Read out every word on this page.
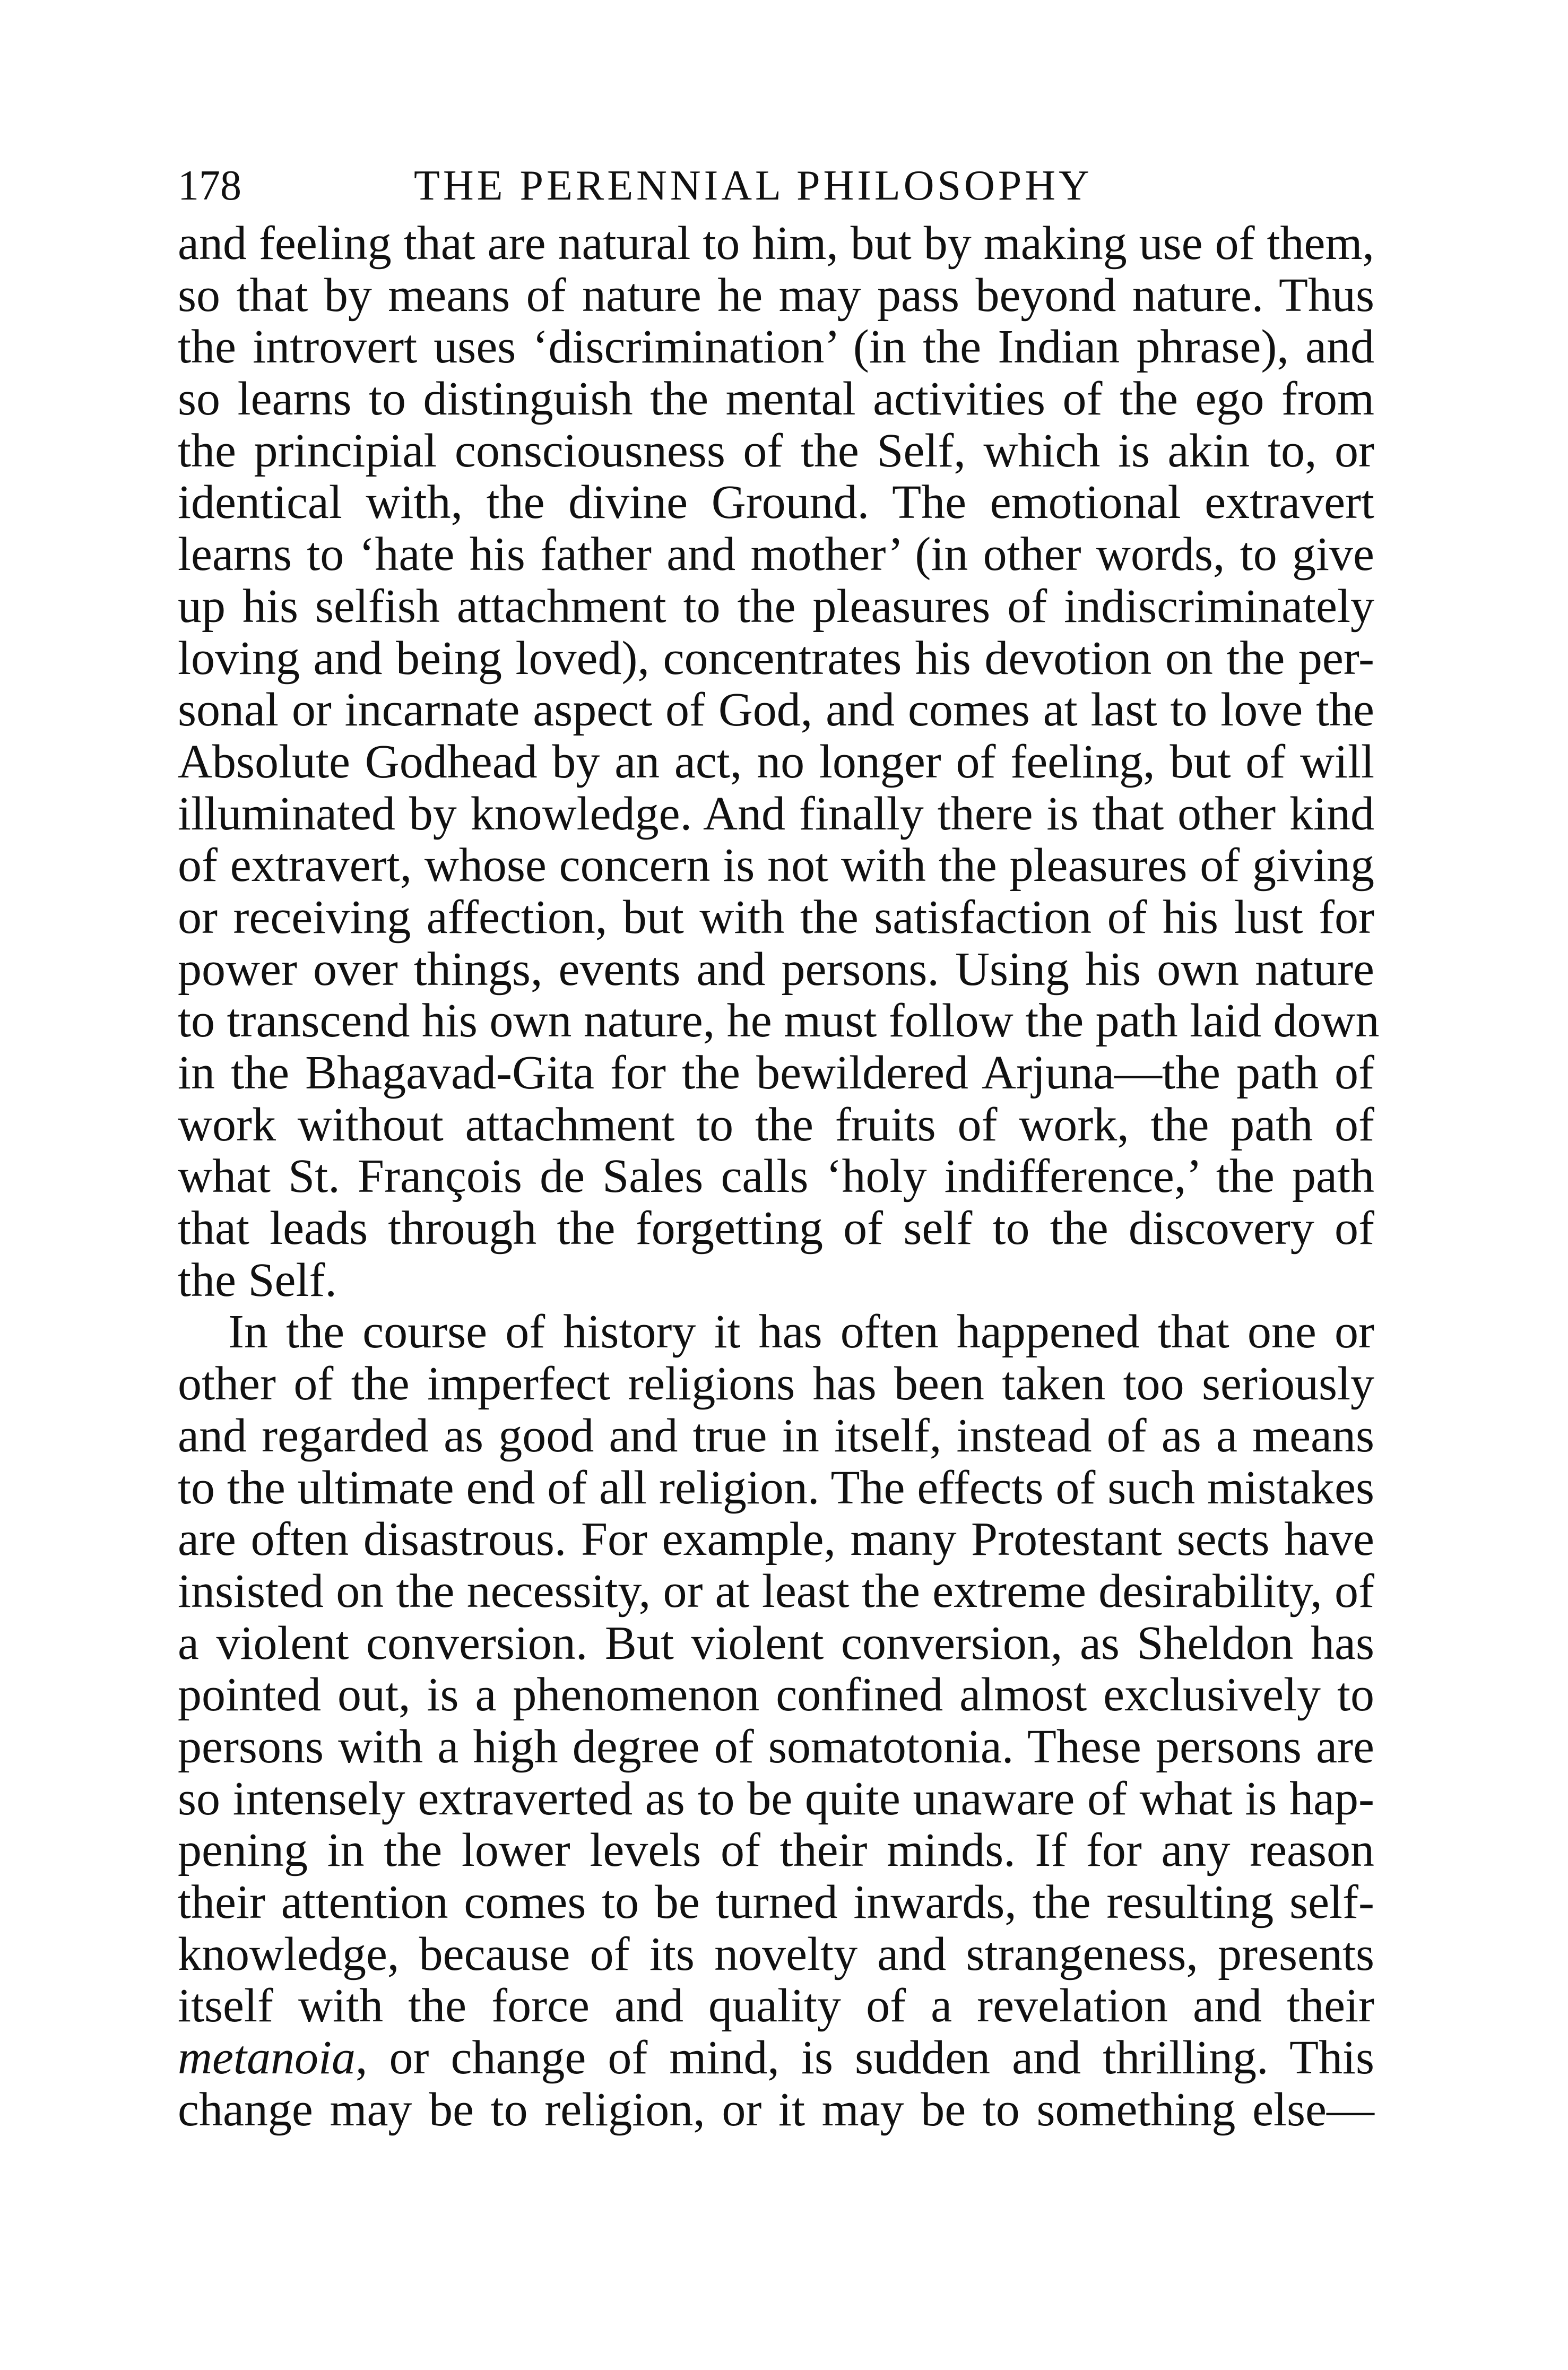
178	THE PERENNIAL PHILOSOPHY
and feeling that are natural to him, but by making use of them,
so that by means of nature he may pass beyond nature. Thus
the introvert uses ‘discrimination’ (in the Indian phrase), and
so learns to distinguish the mental activities of the ego from
the principial consciousness of the Self, which is akin to, or
identical with, the divine Ground. The emotional extravert
learns to ‘hate his father and mother’ (in other words, to give
up his selfish attachment to the pleasures of indiscriminately
loving and being loved), concentrates his devotion on the per-
sonal or incarnate aspect of God, and comes at last to love the
Absolute Godhead by an act, no longer of feeling, but of will
illuminated by knowledge. And finally there is that other kind
of extravert, whose concern is not with the pleasures of giving
or receiving affection, but with the satisfaction of his lust for
power over things, events and persons. Using his own nature
to transcend his own nature, he must follow the path laid down
in the Bhagavad-Gita for the bewildered Arjuna—the path of
work without attachment to the fruits of work, the path of
what St. François de Sales calls ‘holy indifference,’ the path
that leads through the forgetting of self to the discovery of
the Self.
In the course of history it has often happened that one or
other of the imperfect religions has been taken too seriously
and regarded as good and true in itself, instead of as a means
to the ultimate end of all religion. The effects of such mistakes
are often disastrous. For example, many Protestant sects have
insisted on the necessity, or at least the extreme desirability, of
a violent conversion. But violent conversion, as Sheldon has
pointed out, is a phenomenon confined almost exclusively to
persons with a high degree of somatotonia. These persons are
so intensely extraverted as to be quite unaware of what is hap-
pening in the lower levels of their minds. If for any reason
their attention comes to be turned inwards, the resulting self-
knowledge, because of its novelty and strangeness, presents
itself with the force and quality of a revelation and their
metanoia, or change of mind, is sudden and thrilling. This
change may be to religion, or it may be to something else—
